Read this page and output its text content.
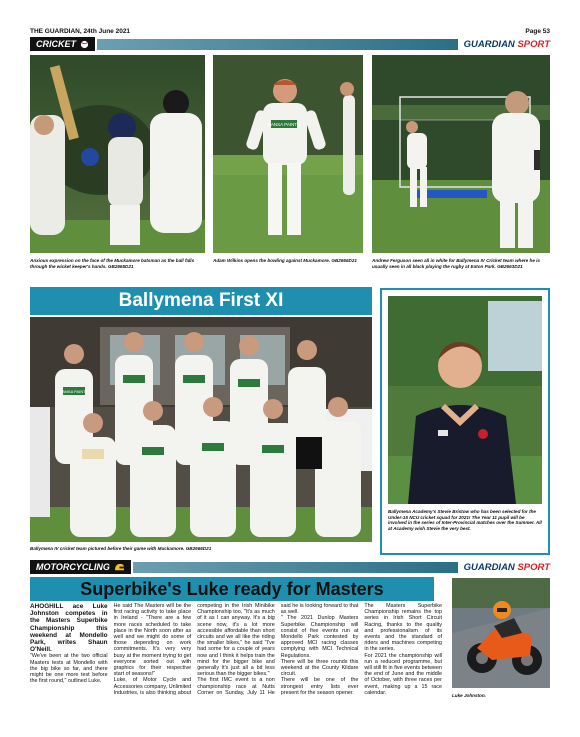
THE GUARDIAN, 24th June 2021	Page 53
CRICKET	GUARDIAN SPORT
Anxious expression on the face of the Muckamore batsman as the ball falls through the wicket keeper's hands. GB2665D21
KANSA PAINTS
Adam Wilkins opens the bowling against Muckamore. GB2666D21	Andrew Ferguson seen all in white for Ballymena IV Cricket team where he is usually seen in all black playing the rugby at Eaton Park. GB2663D21
Ballymena First XI
KANSA PAINTS
Ballymena IV cricket team pictured before their game with Muckamore. GB2666D21
Ballymena Academy's Stevie Bristow who has been selected for the Under-15 NCU cricket squad for 2021! The Year 11 pupil will be involved in the series of Inter-Provincial matches over the Summer. All at Academy wish Stevie the very best.
MOTORCYCLING	GUARDIAN SPORT
Superbike's Luke ready for Masters

AHOGHILL ace Luke Johnston competes in the Masters Superbike Championship this weekend at Mondello Park, writes Shaun O'Neill.

"We've been at the two official Masters tests at Mondello with the big bike so far, and there might be one more test before the first round," outlined Luke.

He said The Masters will be the first racing activity to take place in Ireland - "There are a few more races scheduled to take place in the North soon after as well and we might do some of those depending on work commitments. It's very very busy at the moment trying to get everyone sorted out with graphics for their respective start of seasons!"

Luke, of Motor Cycle and Accessories company, Unlimited Industries, is also thinking about competing in the Irish Minibike Championship too, "It's as much of it as I can anyway. It's a big scene now, it's a lot more accessible affordable than short circuits and we all like the riding the smaller bikes," he said "I've had some for a couple of years now and I think it helps train the mind for the bigger bike and generally it's just all a bit less serious than the bigger bikes."

The first IMC event is a non championship race at Nutts Corner on Sunday, July 11 He said he is looking forward to that as well.

" The 2021 Dunlop Masters Superbike Championship will consist of five events run at Mondello Park contested by approved MCI racing classes complying with MCI Technical Regulations.

There will be three rounds this weekend at the County Kildare circuit.

There will be one of the strongest entry lists ever present for the season opener.

The Masters Superbike Championship remains the top series in Irish Short Circuit Racing, thanks to the quality and professionalism of its events and the standard of riders and machines competing in the series.

For 2021 the championship will run a reduced programme, but will still fit in five events between the end of June and the middle of October, with three races per event, making up a 15 race calendar.	Luke Johnston.
